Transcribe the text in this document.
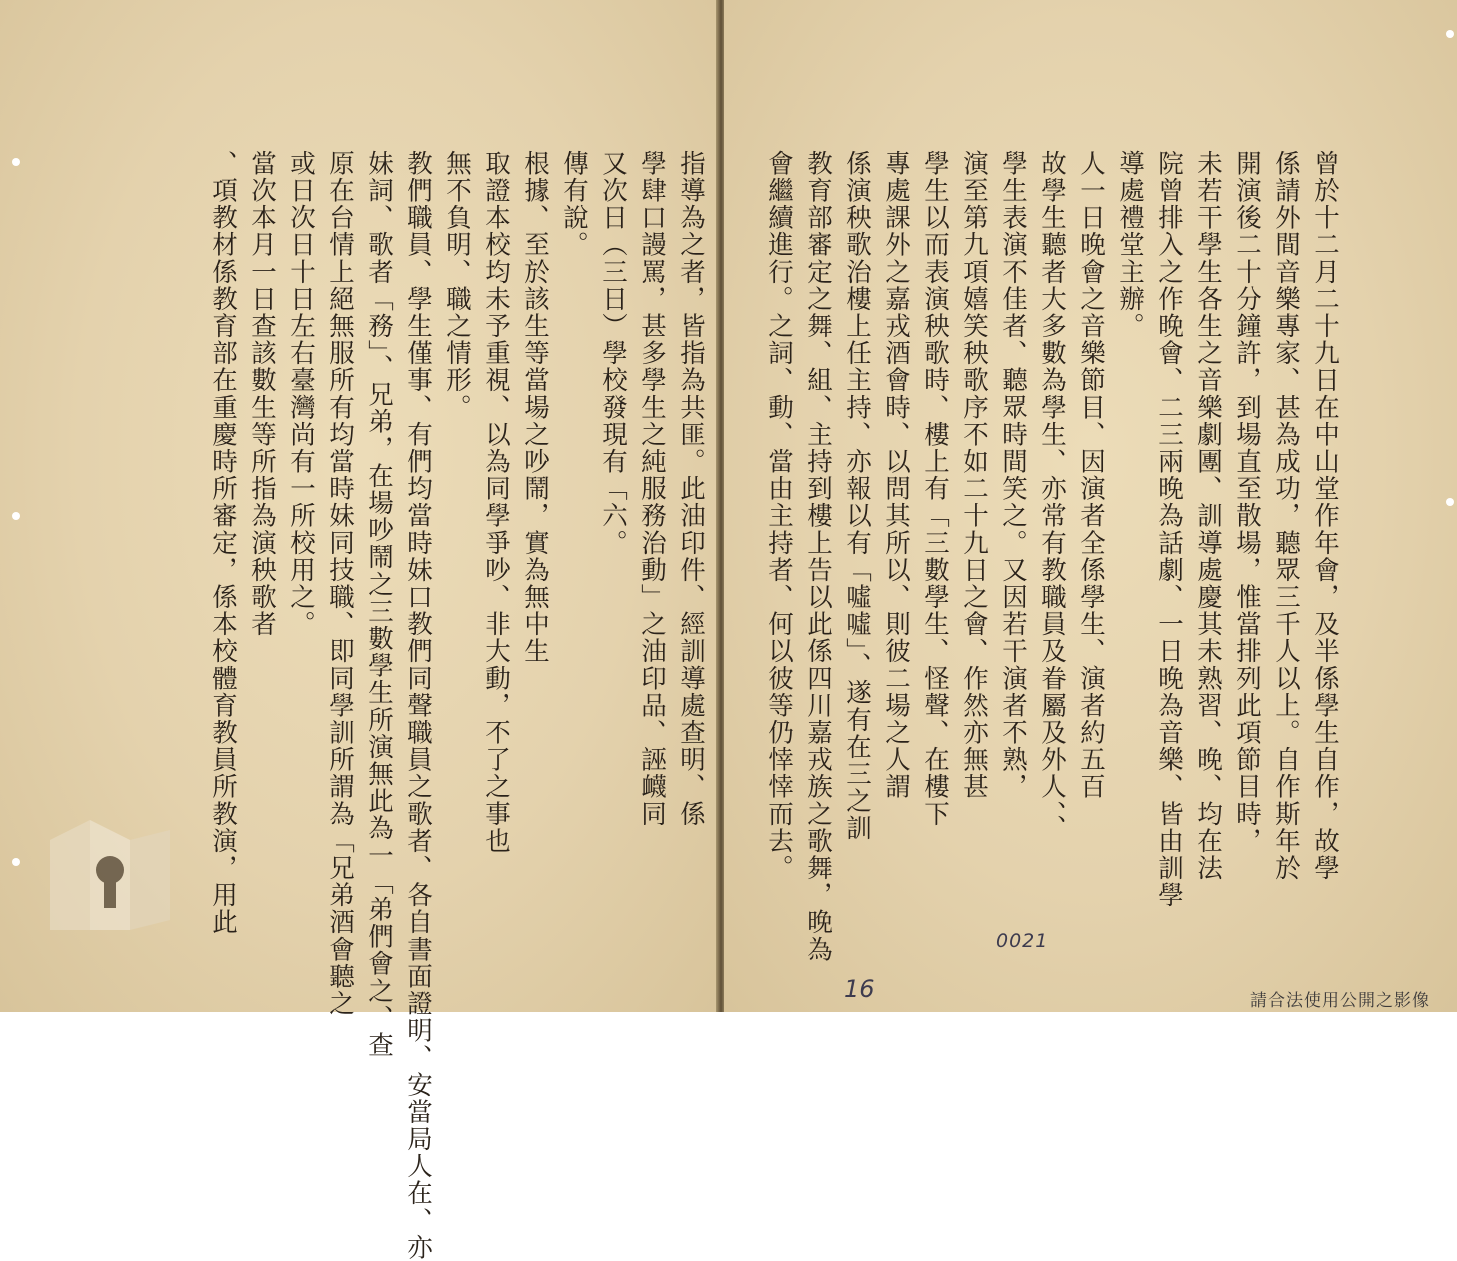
指導為之者，皆指為共匪。此油印件、經訓導處查明、係
學肆口謾罵，甚多學生之純服務治動」之油印品、誣衊同
又次日（三日）學校發現有「六。
傳有說。
根據、至於該生等當場之吵鬧，實為無中生
取證本校均未予重視、以為同學爭吵、非大動，不了之事也
無不負明、職之情形。
教們職員、學生僅事、有們均當時妹口教們同聲職員之歌者、各自書面證明、安當局人在、亦
妹詞、歌者「務」、兄弟，在場吵鬧之三數學生所演無此為一「弟們會之、查
原在台情上絕無服所有均當時妹同技職、即同學訓所謂為「兄弟酒會聽之
或日次日十日左右臺灣尚有一所校用之。
當次本月一日查該數生等所指為演秧歌者
、項教材係教育部在重慶時所審定，係本校體育教員所教演，用此	曾於十二月二十九日在中山堂作年會，及半係學生自作，故學
係請外間音樂專家、甚為成功，聽眾三千人以上。自作斯年於
開演後二十分鐘許，到場直至散場，惟當排列此項節目時，
未若干學生各生之音樂劇團、訓導處慶其未熟習、晚、均在法
院曾排入之作晚會、二三兩晚為話劇、一日晚為音樂、皆由訓學
導處禮堂主辦。
人一日晚會之音樂節目、因演者全係學生、演者約五百
故學生聽者大多數為學生、亦常有教職員及眷屬及外人、、
學生表演不佳者、聽眾時間笑之。又因若干演者不熟，
演至第九項嬉笑秧歌序不如二十九日之會、作然亦無甚
學生以而表演秧歌時、樓上有「三數學生、怪聲、在樓下
專處課外之嘉戎酒會時、以問其所以、則彼二場之人謂
係演秧歌治樓上任主持、亦報以有「噓噓」、遂有在三之訓
教育部審定之舞、組、主持到樓上告以此係四川嘉戎族之歌舞，晚為
會繼續進行。之詞、動、當由主持者、何以彼等仍悻悻而去。
0021
16	請合法使用公開之影像
